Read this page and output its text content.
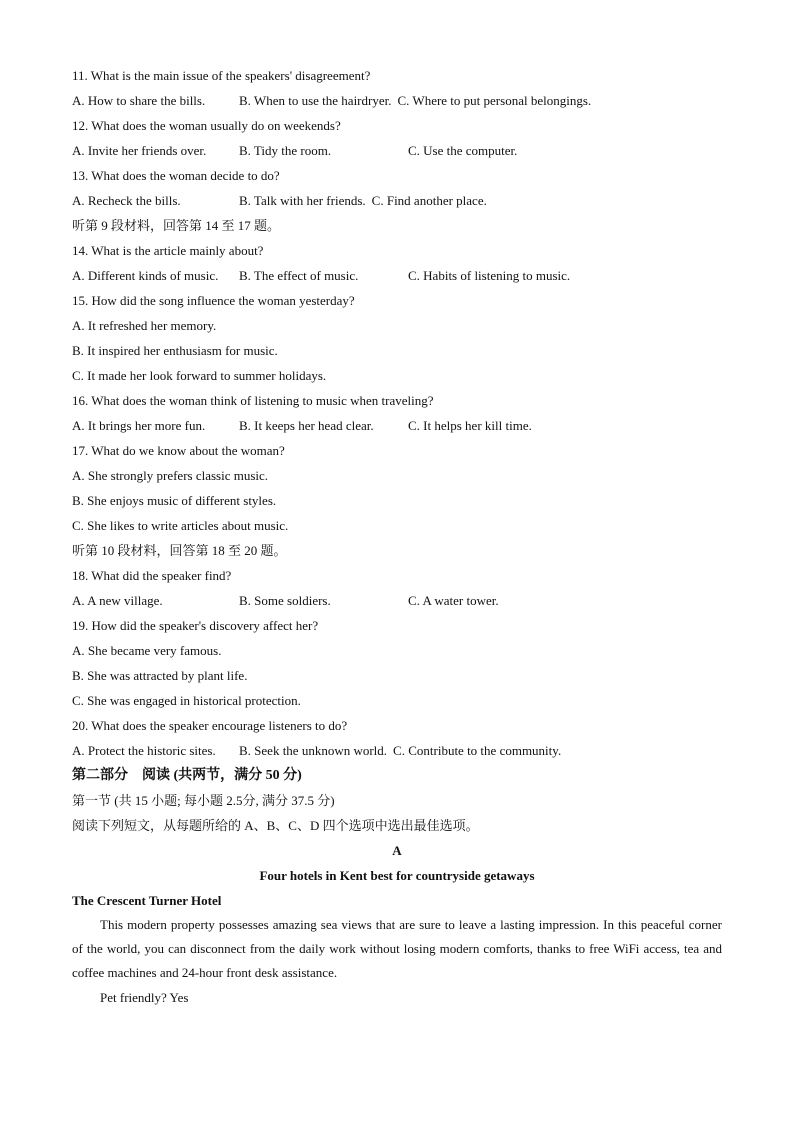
11. What is the main issue of the speakers' disagreement?
A. How to share the bills.	B. When to use the hairdryer. C. Where to put personal belongings.
12. What does the woman usually do on weekends?
A. Invite her friends over.	B. Tidy the room.	C. Use the computer.
13. What does the woman decide to do?
A. Recheck the bills.	B. Talk with her friends. C. Find another place.
听第 9 段材料，回答第 14 至 17 题。
14. What is the article mainly about?
A. Different kinds of music.	B. The effect of music.	C. Habits of listening to music.
15. How did the song influence the woman yesterday?
A. It refreshed her memory.
B. It inspired her enthusiasm for music.
C. It made her look forward to summer holidays.
16. What does the woman think of listening to music when traveling?
A. It brings her more fun.	B. It keeps her head clear.	C. It helps her kill time.
17. What do we know about the woman?
A. She strongly prefers classic music.
B. She enjoys music of different styles.
C. She likes to write articles about music.
听第 10 段材料，回答第 18 至 20 题。
18. What did the speaker find?
A. A new village.	B. Some soldiers.	C. A water tower.
19. How did the speaker's discovery affect her?
A. She became very famous.
B. She was attracted by plant life.
C. She was engaged in historical protection.
20. What does the speaker encourage listeners to do?
A. Protect the historic sites.	B. Seek the unknown world. C. Contribute to the community.
第二部分　阅读 (共两节，满分 50 分)
第一节 (共 15 小题; 每小题 2.5分, 满分 37.5 分)
阅读下列短文，从每题所给的 A、B、C、D 四个选项中选出最佳选项。
A
Four hotels in Kent best for countryside getaways
The Crescent Turner Hotel

This modern property possesses amazing sea views that are sure to leave a lasting impression. In this peaceful corner of the world, you can disconnect from the daily work without losing modern comforts, thanks to free WiFi access, tea and coffee machines and 24-hour front desk assistance.

Pet friendly? Yes
